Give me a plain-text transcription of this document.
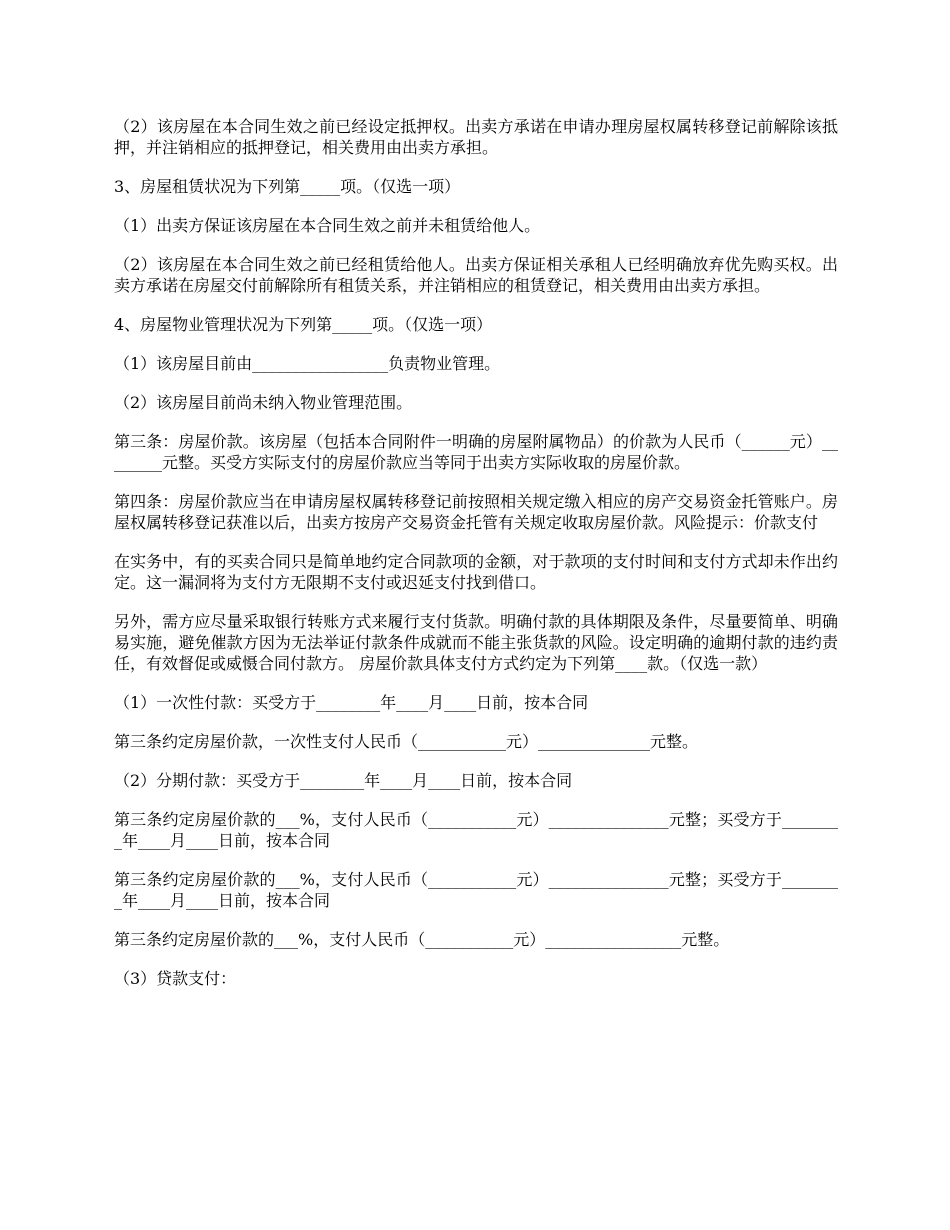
（2）该房屋在本合同生效之前已经设定抵押权。出卖方承诺在申请办理房屋权属转移登记前解除该抵押，并注销相应的抵押登记，相关费用由出卖方承担。

3、房屋租赁状况为下列第_____项。（仅选一项）

（1）出卖方保证该房屋在本合同生效之前并未租赁给他人。

（2）该房屋在本合同生效之前已经租赁给他人。出卖方保证相关承租人已经明确放弃优先购买权。出卖方承诺在房屋交付前解除所有租赁关系，并注销相应的租赁登记，相关费用由出卖方承担。

4、房屋物业管理状况为下列第_____项。（仅选一项）

（1）该房屋目前由_________________负责物业管理。

（2）该房屋目前尚未纳入物业管理范围。

第三条：房屋价款。该房屋（包括本合同附件一明确的房屋附属物品）的价款为人民币（______元）________元整。买受方实际支付的房屋价款应当等同于出卖方实际收取的房屋价款。

第四条：房屋价款应当在申请房屋权属转移登记前按照相关规定缴入相应的房产交易资金托管账户。房屋权属转移登记获准以后，出卖方按房产交易资金托管有关规定收取房屋价款。风险提示：价款支付

在实务中，有的买卖合同只是简单地约定合同款项的金额，对于款项的支付时间和支付方式却未作出约定。这一漏洞将为支付方无限期不支付或迟延支付找到借口。

另外，需方应尽量采取银行转账方式来履行支付货款。明确付款的具体期限及条件，尽量要简单、明确易实施，避免催款方因为无法举证付款条件成就而不能主张货款的风险。设定明确的逾期付款的违约责任，有效督促或威慑合同付款方。 房屋价款具体支付方式约定为下列第____款。（仅选一款）

（1）一次性付款：买受方于________年____月____日前，按本合同

第三条约定房屋价款，一次性支付人民币（___________元）______________元整。

（2）分期付款：买受方于________年____月____日前，按本合同

第三条约定房屋价款的___%，支付人民币（___________元）_______________元整；买受方于________年____月____日前，按本合同

第三条约定房屋价款的___%，支付人民币（___________元）_______________元整；买受方于________年____月____日前，按本合同

第三条约定房屋价款的___%，支付人民币（___________元）_________________元整。

（3）贷款支付：
